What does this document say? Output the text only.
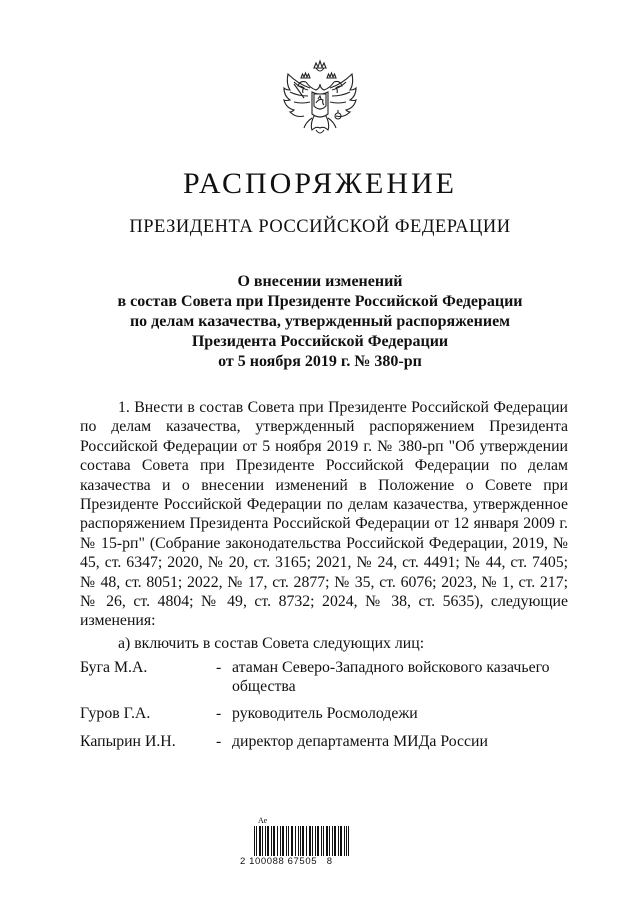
РАСПОРЯЖЕНИЕ
ПРЕЗИДЕНТА РОССИЙСКОЙ ФЕДЕРАЦИИ
О внесении изменений
в состав Совета при Президенте Российской Федерации
по делам казачества, утвержденный распоряжением
Президента Российской Федерации
от 5 ноября 2019 г. № 380-рп

1. Внести в состав Совета при Президенте Российской Федерации по делам казачества, утвержденный распоряжением Президента Российской Федерации от 5 ноября 2019 г. № 380-рп "Об утверждении состава Совета при Президенте Российской Федерации по делам казачества и о внесении изменений в Положение о Совете при Президенте Российской Федерации по делам казачества, утвержденное распоряжением Президента Российской Федерации от 12 января 2009 г. № 15-рп" (Собрание законодательства Российской Федерации, 2019, № 45, ст. 6347; 2020, № 20, ст. 3165; 2021, № 24, ст. 4491; № 44, ст. 7405; № 48, ст. 8051; 2022, № 17, ст. 2877; № 35, ст. 6076; 2023, № 1, ст. 217; № 26, ст. 4804; № 49, ст. 8732; 2024, № 38, ст. 5635), следующие изменения:

а) включить в состав Совета следующих лиц:
Буга М.А.	- атаман Северо-Западного войскового казачьего общества
Гуров Г.А.	- руководитель Росмолодежи
Капырин И.Н.	- директор департамента МИДа России
Ае
2 100088 67505   8
